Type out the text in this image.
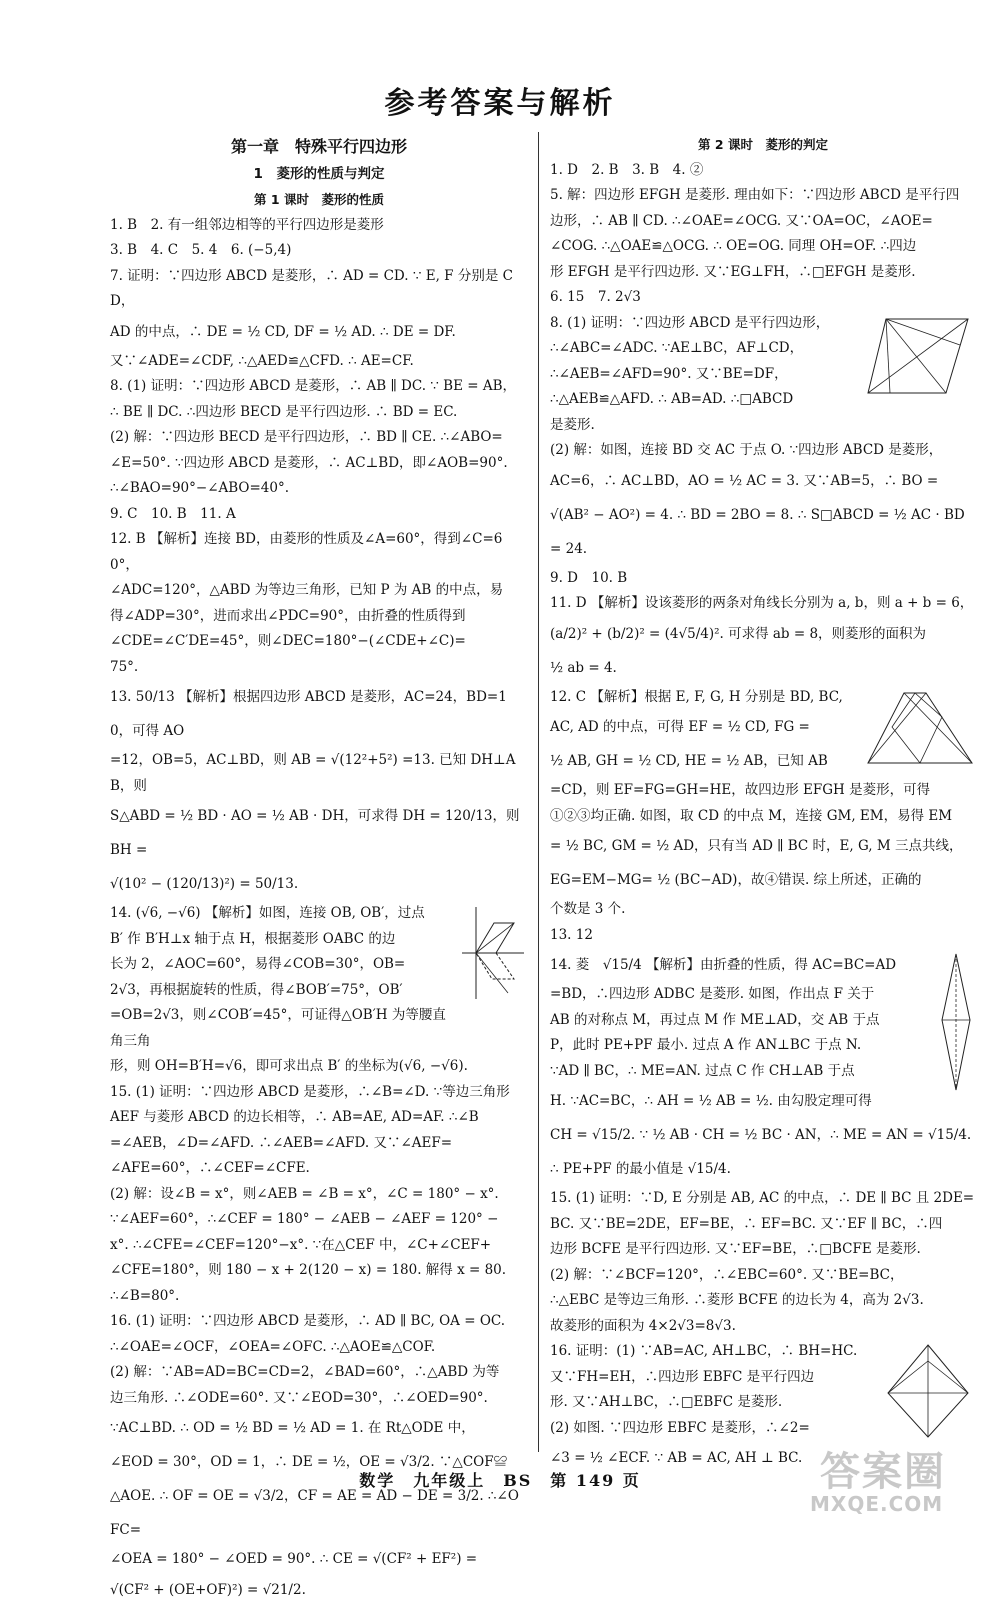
参考答案与解析
第一章　特殊平行四边形
1　菱形的性质与判定
第 1 课时　菱形的性质
1. B　2. 有一组邻边相等的平行四边形是菱形
3. B　4. C　5. 4　6. (−5,4)
7. 证明：∵四边形 ABCD 是菱形，∴ AD = CD. ∵ E, F 分别是 CD，
AD 的中点，∴ DE = ½ CD, DF = ½ AD. ∴ DE = DF.
又∵∠ADE=∠CDF, ∴△AED≌△CFD. ∴ AE=CF.
8. (1) 证明：∵四边形 ABCD 是菱形，∴ AB ∥ DC. ∵ BE = AB，
∴ BE ∥ DC. ∴四边形 BECD 是平行四边形. ∴ BD = EC.
(2) 解：∵四边形 BECD 是平行四边形，∴ BD ∥ CE. ∴∠ABO=
∠E=50°. ∵四边形 ABCD 是菱形，∴ AC⊥BD，即∠AOB=90°.
∴∠BAO=90°−∠ABO=40°.
9. C　10. B　11. A
12. B 【解析】连接 BD，由菱形的性质及∠A=60°，得到∠C=60°，
∠ADC=120°，△ABD 为等边三角形，已知 P 为 AB 的中点，易
得∠ADP=30°，进而求出∠PDC=90°，由折叠的性质得到
∠CDE=∠C′DE=45°，则∠DEC=180°−(∠CDE+∠C)=
75°.
13. 50/13 【解析】根据四边形 ABCD 是菱形，AC=24，BD=10，可得 AO
=12，OB=5，AC⊥BD，则 AB = √(12²+5²) =13. 已知 DH⊥AB，则
S△ABD = ½ BD · AO = ½ AB · DH，可求得 DH = 120/13，则 BH =
√(10² − (120/13)²) = 50/13.
14. (√6, −√6) 【解析】如图，连接 OB, OB′，过点
B′ 作 B′H⊥x 轴于点 H，根据菱形 OABC 的边
长为 2，∠AOC=60°，易得∠COB=30°，OB=
2√3，再根据旋转的性质，得∠BOB′=75°，OB′
=OB=2√3，则∠COB′=45°，可证得△OB′H 为等腰直角三角
形，则 OH=B′H=√6，即可求出点 B′ 的坐标为(√6, −√6).
15. (1) 证明：∵四边形 ABCD 是菱形，∴∠B=∠D. ∵等边三角形
AEF 与菱形 ABCD 的边长相等，∴ AB=AE, AD=AF. ∴∠B
=∠AEB，∠D=∠AFD. ∴∠AEB=∠AFD. 又∵∠AEF=
∠AFE=60°，∴∠CEF=∠CFE.
(2) 解：设∠B = x°，则∠AEB = ∠B = x°，∠C = 180° − x°.
∵∠AEF=60°，∴∠CEF = 180° − ∠AEB − ∠AEF = 120° −
x°. ∴∠CFE=∠CEF=120°−x°. ∵在△CEF 中，∠C+∠CEF+
∠CFE=180°，则 180 − x + 2(120 − x) = 180. 解得 x = 80.
∴∠B=80°.
16. (1) 证明：∵四边形 ABCD 是菱形，∴ AD ∥ BC, OA = OC.
∴∠OAE=∠OCF，∠OEA=∠OFC. ∴△AOE≌△COF.
(2) 解：∵AB=AD=BC=CD=2，∠BAD=60°，∴△ABD 为等
边三角形. ∴∠ODE=60°. 又∵∠EOD=30°，∴∠OED=90°.
∵AC⊥BD. ∴ OD = ½ BD = ½ AD = 1. 在 Rt△ODE 中，
∠EOD = 30°，OD = 1，∴ DE = ½，OE = √3/2. ∵△COF≌
△AOE. ∴ OF = OE = √3/2，CF = AE = AD − DE = 3/2. ∴∠OFC=
∠OEA = 180° − ∠OED = 90°. ∴ CE = √(CF² + EF²) =
√(CF² + (OE+OF)²) = √21/2.
第 2 课时　菱形的判定
1. D　2. B　3. B　4. ②
5. 解：四边形 EFGH 是菱形. 理由如下：∵四边形 ABCD 是平行四
边形，∴ AB ∥ CD. ∴∠OAE=∠OCG. 又∵OA=OC，∠AOE=
∠COG. ∴△OAE≌△OCG. ∴ OE=OG. 同理 OH=OF. ∴四边
形 EFGH 是平行四边形. 又∵EG⊥FH，∴□EFGH 是菱形.
6. 15　7. 2√3
8. (1) 证明：∵四边形 ABCD 是平行四边形，
∴∠ABC=∠ADC. ∵AE⊥BC，AF⊥CD，
∴∠AEB=∠AFD=90°. 又∵BE=DF，
∴△AEB≌△AFD. ∴ AB=AD. ∴□ABCD
是菱形.
(2) 解：如图，连接 BD 交 AC 于点 O. ∵四边形 ABCD 是菱形，
AC=6，∴ AC⊥BD，AO = ½ AC = 3. 又∵AB=5，∴ BO =
√(AB² − AO²) = 4. ∴ BD = 2BO = 8. ∴ S□ABCD = ½ AC · BD = 24.
9. D　10. B
11. D 【解析】设该菱形的两条对角线长分别为 a, b，则 a + b = 6，
(a/2)² + (b/2)² = (4√5/4)². 可求得 ab = 8，则菱形的面积为
½ ab = 4.
12. C 【解析】根据 E, F, G, H 分别是 BD, BC,
AC, AD 的中点，可得 EF = ½ CD, FG =
½ AB, GH = ½ CD, HE = ½ AB，已知 AB
=CD，则 EF=FG=GH=HE，故四边形 EFGH 是菱形，可得
①②③均正确. 如图，取 CD 的中点 M，连接 GM, EM，易得 EM
= ½ BC, GM = ½ AD，只有当 AD ∥ BC 时，E, G, M 三点共线，
EG=EM−MG= ½ (BC−AD)，故④错误. 综上所述，正确的
个数是 3 个.
13. 12
14. 菱　√15/4 【解析】由折叠的性质，得 AC=BC=AD
=BD，∴四边形 ADBC 是菱形. 如图，作出点 F 关于
AB 的对称点 M，再过点 M 作 ME⊥AD，交 AB 于点
P，此时 PE+PF 最小. 过点 A 作 AN⊥BC 于点 N.
∵AD ∥ BC，∴ ME=AN. 过点 C 作 CH⊥AB 于点
H. ∵AC=BC，∴ AH = ½ AB = ½. 由勾股定理可得
CH = √15/2. ∵ ½ AB · CH = ½ BC · AN，∴ ME = AN = √15/4.
∴ PE+PF 的最小值是 √15/4.
15. (1) 证明：∵D, E 分别是 AB, AC 的中点，∴ DE ∥ BC 且 2DE=
BC. 又∵BE=2DE，EF=BE，∴ EF=BC. 又∵EF ∥ BC，∴四
边形 BCFE 是平行四边形. 又∵EF=BE，∴□BCFE 是菱形.
(2) 解：∵∠BCF=120°，∴∠EBC=60°. 又∵BE=BC，
∴△EBC 是等边三角形. ∴菱形 BCFE 的边长为 4，高为 2√3.
故菱形的面积为 4×2√3=8√3.
16. 证明：(1) ∵AB=AC, AH⊥BC，∴ BH=HC.
又∵FH=EH，∴四边形 EBFC 是平行四边
形. 又∵AH⊥BC，∴□EBFC 是菱形.
(2) 如图. ∵四边形 EBFC 是菱形，∴∠2=
∠3 = ½ ∠ECF. ∵ AB = AC, AH ⊥ BC.
数学　九年级上　BS　第 149 页	答案圈
MXQE.COM
